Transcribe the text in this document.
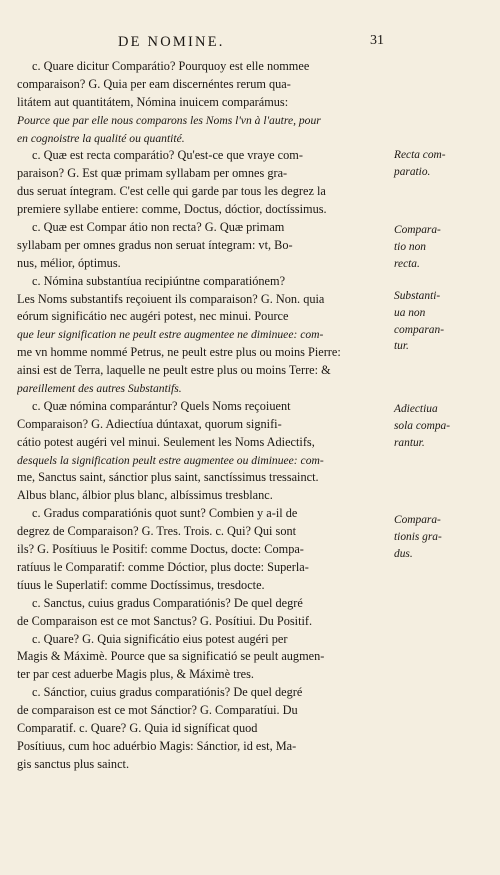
DE NOMINE.	31
c. Quare dicitur Comparátio? Pourquoy est elle nommee
comparaison? G. Quia per eam discernéntes rerum qua-
litátem aut quantitátem, Nómina inuicem comparámus:
Pource que par elle nous comparons les Noms l'vn à l'autre, pour
en cognoistre la qualité ou quantité.
c. Quæ est recta comparátio? Qu'est-ce que vraye com-
paraison? G. Est quæ primam syllabam per omnes gra-
dus seruat íntegram. C'est celle qui garde par tous les degrez la
premiere syllabe entiere: comme, Doctus, dóctior, doctíssimus.
c. Quæ est Compar átio non recta? G. Quæ primam
syllabam per omnes gradus non seruat íntegram: vt, Bo-
nus, mélior, óptimus.
c. Nómina substantíua recipiúntne comparatiónem?
Les Noms substantifs reçoiuent ils comparaison? G. Non. quia
eórum significátio nec augéri potest, nec minui. Pource
que leur signification ne peult estre augmentee ne diminuee: com-
me vn homme nommé Petrus, ne peult estre plus ou moins Pierre:
ainsi est de Terra, laquelle ne peult estre plus ou moins Terre: &
pareillement des autres Substantifs.
c. Quæ nómina comparántur? Quels Noms reçoiuent
Comparaison? G. Adiectíua dúntaxat, quorum signifi-
cátio potest augéri vel minui. Seulement les Noms Adiectifs,
desquels la signification peult estre augmentee ou diminuee: com-
me, Sanctus saint, sánctior plus saint, sanctíssimus tressainct.
Albus blanc, álbior plus blanc, albíssimus tresblanc.
c. Gradus comparatiónis quot sunt? Combien y a-il de
degrez de Comparaison? G. Tres. Trois. c. Qui? Qui sont
ils? G. Posítiuus le Positif: comme Doctus, docte: Compa-
ratíuus le Comparatif: comme Dóctior, plus docte: Superla-
tíuus le Superlatif: comme Doctíssimus, tresdocte.
c. Sanctus, cuius gradus Comparatiónis? De quel degré
de Comparaison est ce mot Sanctus? G. Posítiui. Du Positif.
c. Quare? G. Quia significátio eius potest augéri per
Magis & Máximè. Pource que sa significatió se peult augmen-
ter par cest aduerbe Magis plus, & Máximè tres.
c. Sánctior, cuius gradus comparatiónis? De quel degré
de comparaison est ce mot Sánctior? G. Comparatíui. Du
Comparatif. c. Quare? G. Quia id signíficat quod
Posítiuus, cum hoc aduérbio Magis: Sánctior, id est, Ma-
gis sanctus plus sainct.
Recta com-
paratio.
Compara-
tio non
recta.
Substanti-
ua non
comparan-
tur.
Adiectiua
sola compa-
rantur.
Compara-
tionis gra-
dus.
